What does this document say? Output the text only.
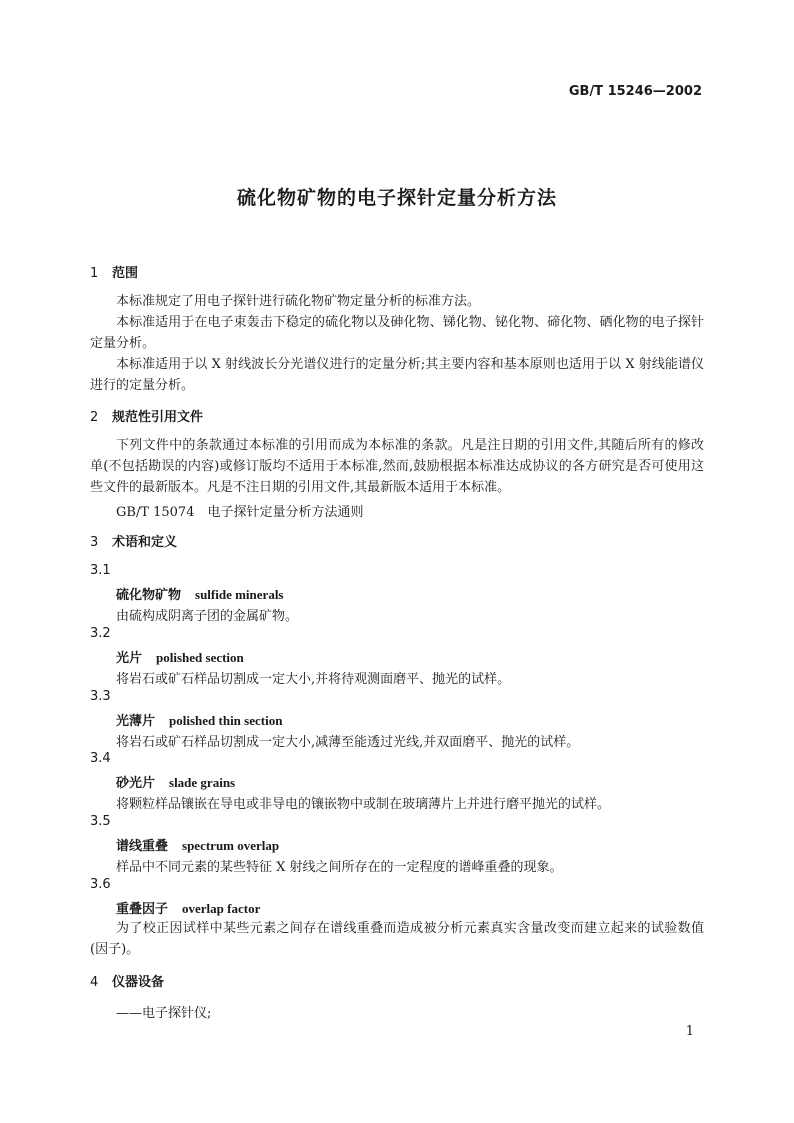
GB/T 15246—2002
硫化物矿物的电子探针定量分析方法
1 范围
本标准规定了用电子探针进行硫化物矿物定量分析的标准方法。
本标准适用于在电子束轰击下稳定的硫化物以及砷化物、锑化物、铋化物、碲化物、硒化物的电子探针定量分析。
本标准适用于以 X 射线波长分光谱仪进行的定量分析;其主要内容和基本原则也适用于以 X 射线能谱仪进行的定量分析。
2 规范性引用文件
下列文件中的条款通过本标准的引用而成为本标准的条款。凡是注日期的引用文件,其随后所有的修改单(不包括勘误的内容)或修订版均不适用于本标准,然而,鼓励根据本标准达成协议的各方研究是否可使用这些文件的最新版本。凡是不注日期的引用文件,其最新版本适用于本标准。
GB/T 15074　电子探针定量分析方法通则
3 术语和定义
3.1
硫化物矿物 sulfide minerals
由硫构成阴离子团的金属矿物。
3.2
光片 polished section
将岩石或矿石样品切割成一定大小,并将待观测面磨平、抛光的试样。
3.3
光薄片 polished thin section
将岩石或矿石样品切割成一定大小,减薄至能透过光线,并双面磨平、抛光的试样。
3.4
砂光片 slade grains
将颗粒样品镶嵌在导电或非导电的镶嵌物中或制在玻璃薄片上并进行磨平抛光的试样。
3.5
谱线重叠 spectrum overlap
样品中不同元素的某些特征 X 射线之间所存在的一定程度的谱峰重叠的现象。
3.6
重叠因子 overlap factor
为了校正因试样中某些元素之间存在谱线重叠而造成被分析元素真实含量改变而建立起来的试验数值(因子)。
4 仪器设备
——电子探针仪;
1
